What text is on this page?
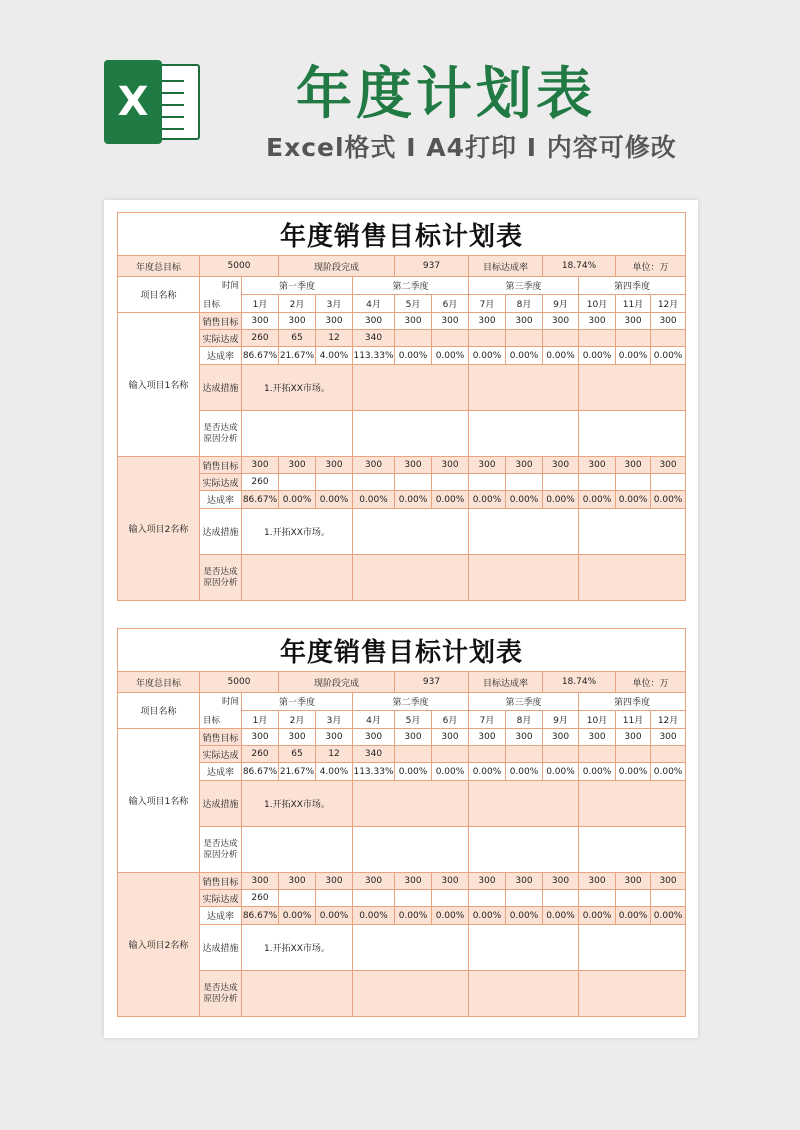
X	年度计划表
Excel格式 I A4打印 I 内容可修改
年度销售目标计划表													
年度总目标	5000		现阶段完成			937		目标达成率		18.74%		单位：万	
项目名称	时间
目标	第一季度			第二季度			第三季度			第四季度		
		1月	2月	3月	4月	5月	6月	7月	8月	9月	10月	11月	12月
输入项目1名称	销售目标	300	300	300	300	300	300	300	300	300	300	300	300
	实际达成	260	65	12	340								
	达成率	86.67%	21.67%	4.00%	113.33%	0.00%	0.00%	0.00%	0.00%	0.00%	0.00%	0.00%	0.00%
	达成措施	1.开拓XX市场。											
	是否达成
原因分析												
输入项目2名称	销售目标	300	300	300	300	300	300	300	300	300	300	300	300
	实际达成	260											
	达成率	86.67%	0.00%	0.00%	0.00%	0.00%	0.00%	0.00%	0.00%	0.00%	0.00%	0.00%	0.00%
	达成措施	1.开拓XX市场。											
	是否达成
原因分析												
年度销售目标计划表													
年度总目标	5000		现阶段完成			937		目标达成率		18.74%		单位：万	
项目名称	时间
目标	第一季度			第二季度			第三季度			第四季度		
		1月	2月	3月	4月	5月	6月	7月	8月	9月	10月	11月	12月
输入项目1名称	销售目标	300	300	300	300	300	300	300	300	300	300	300	300
	实际达成	260	65	12	340								
	达成率	86.67%	21.67%	4.00%	113.33%	0.00%	0.00%	0.00%	0.00%	0.00%	0.00%	0.00%	0.00%
	达成措施	1.开拓XX市场。											
	是否达成
原因分析												
输入项目2名称	销售目标	300	300	300	300	300	300	300	300	300	300	300	300
	实际达成	260											
	达成率	86.67%	0.00%	0.00%	0.00%	0.00%	0.00%	0.00%	0.00%	0.00%	0.00%	0.00%	0.00%
	达成措施	1.开拓XX市场。											
	是否达成
原因分析												
